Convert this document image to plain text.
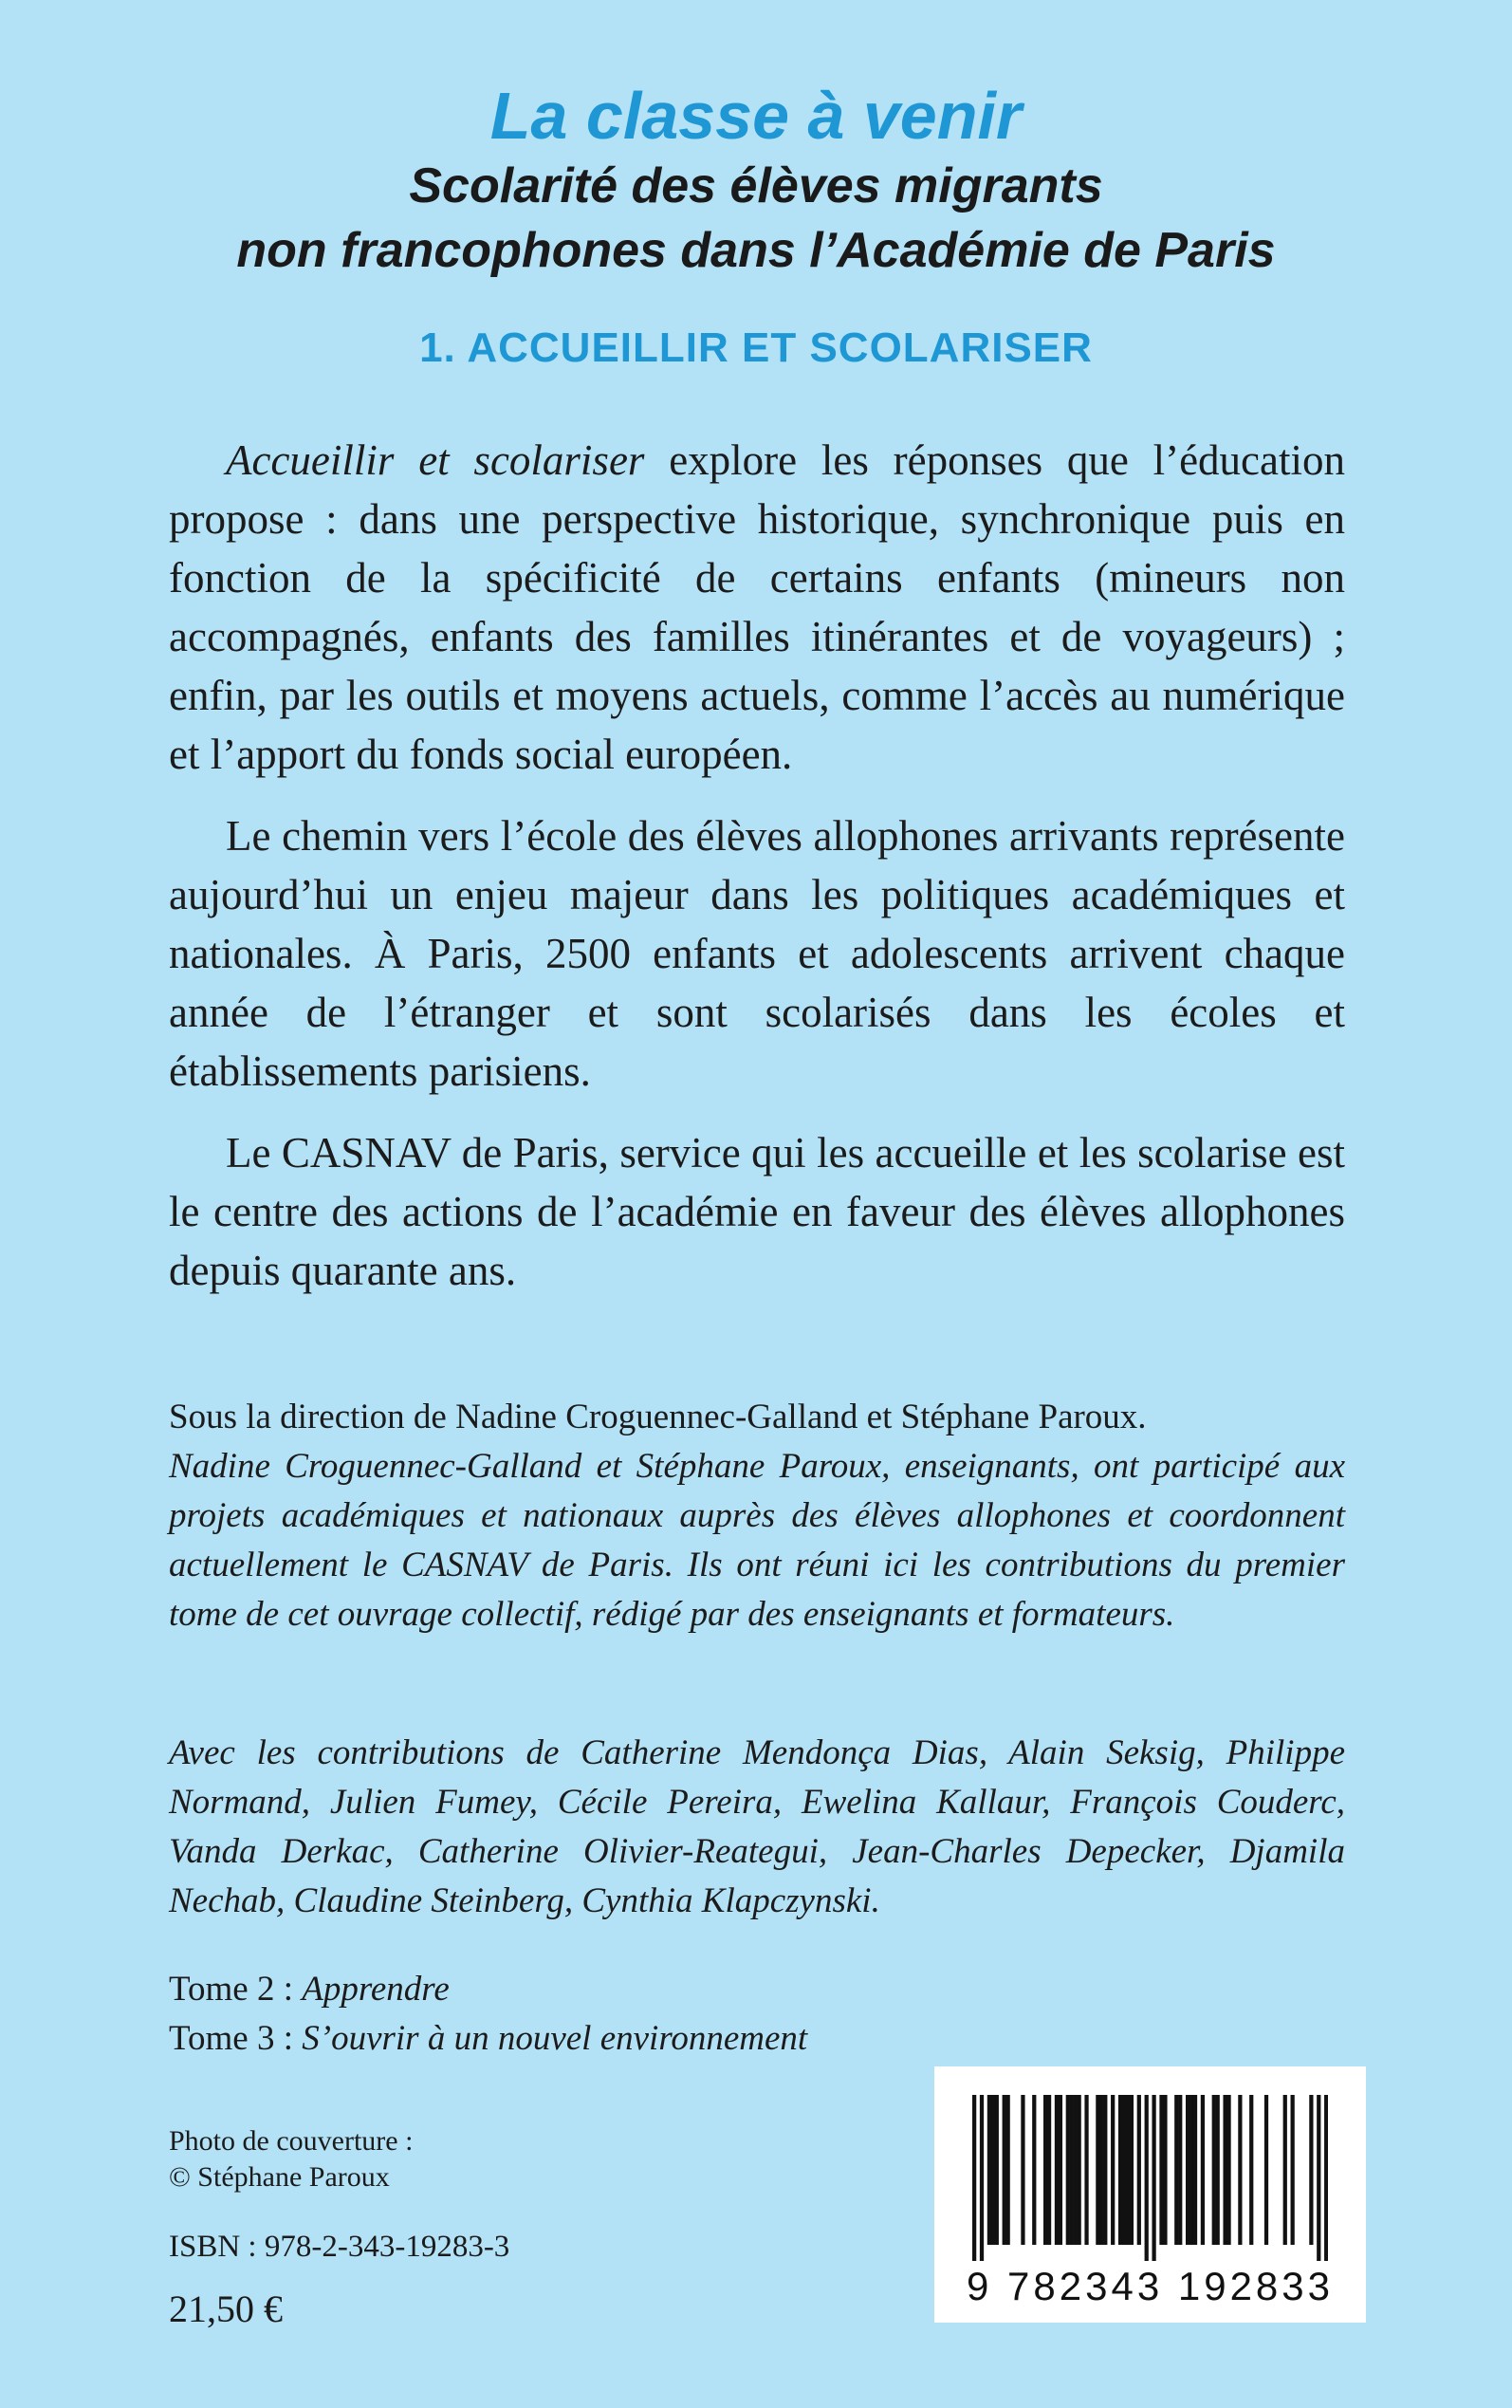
La classe à venir
Scolarité des élèves migrants
non francophones dans l’Académie de Paris
1. ACCUEILLIR ET SCOLARISER

Accueillir et scolariser explore les réponses que l’éducation propose : dans une perspective historique, synchronique puis en fonction de la spécificité de certains enfants (mineurs non accompagnés, enfants des familles itinérantes et de voyageurs) ; enfin, par les outils et moyens actuels, comme l’accès au numérique et l’apport du fonds social européen.

Le chemin vers l’école des élèves allophones arrivants représente aujourd’hui un enjeu majeur dans les politiques académiques et nationales. À Paris, 2500 enfants et adolescents arrivent chaque année de l’étranger et sont scolarisés dans les écoles et établissements parisiens.

Le CASNAV de Paris, service qui les accueille et les scolarise est le centre des actions de l’académie en faveur des élèves allophones depuis quarante ans.

Sous la direction de Nadine Croguennec-Galland et Stéphane Paroux.
Nadine Croguennec-Galland et Stéphane Paroux, enseignants, ont participé aux projets académiques et nationaux auprès des élèves allophones et coordonnent actuellement le CASNAV de Paris. Ils ont réuni ici les contributions du premier tome de cet ouvrage collectif, rédigé par des enseignants et formateurs.

Avec les contributions de Catherine Mendonça Dias, Alain Seksig, Philippe Normand, Julien Fumey, Cécile Pereira, Ewelina Kallaur, François Couderc, Vanda Derkac, Catherine Olivier-Reategui, Jean-Charles Depecker, Djamila Nechab, Claudine Steinberg, Cynthia Klapczynski.

Tome 2 : Apprendre

Tome 3 : S’ouvrir à un nouvel environnement

Photo de couverture :
© Stéphane Paroux

ISBN : 978-2-343-19283-3

21,50 €

9 782343 192833
